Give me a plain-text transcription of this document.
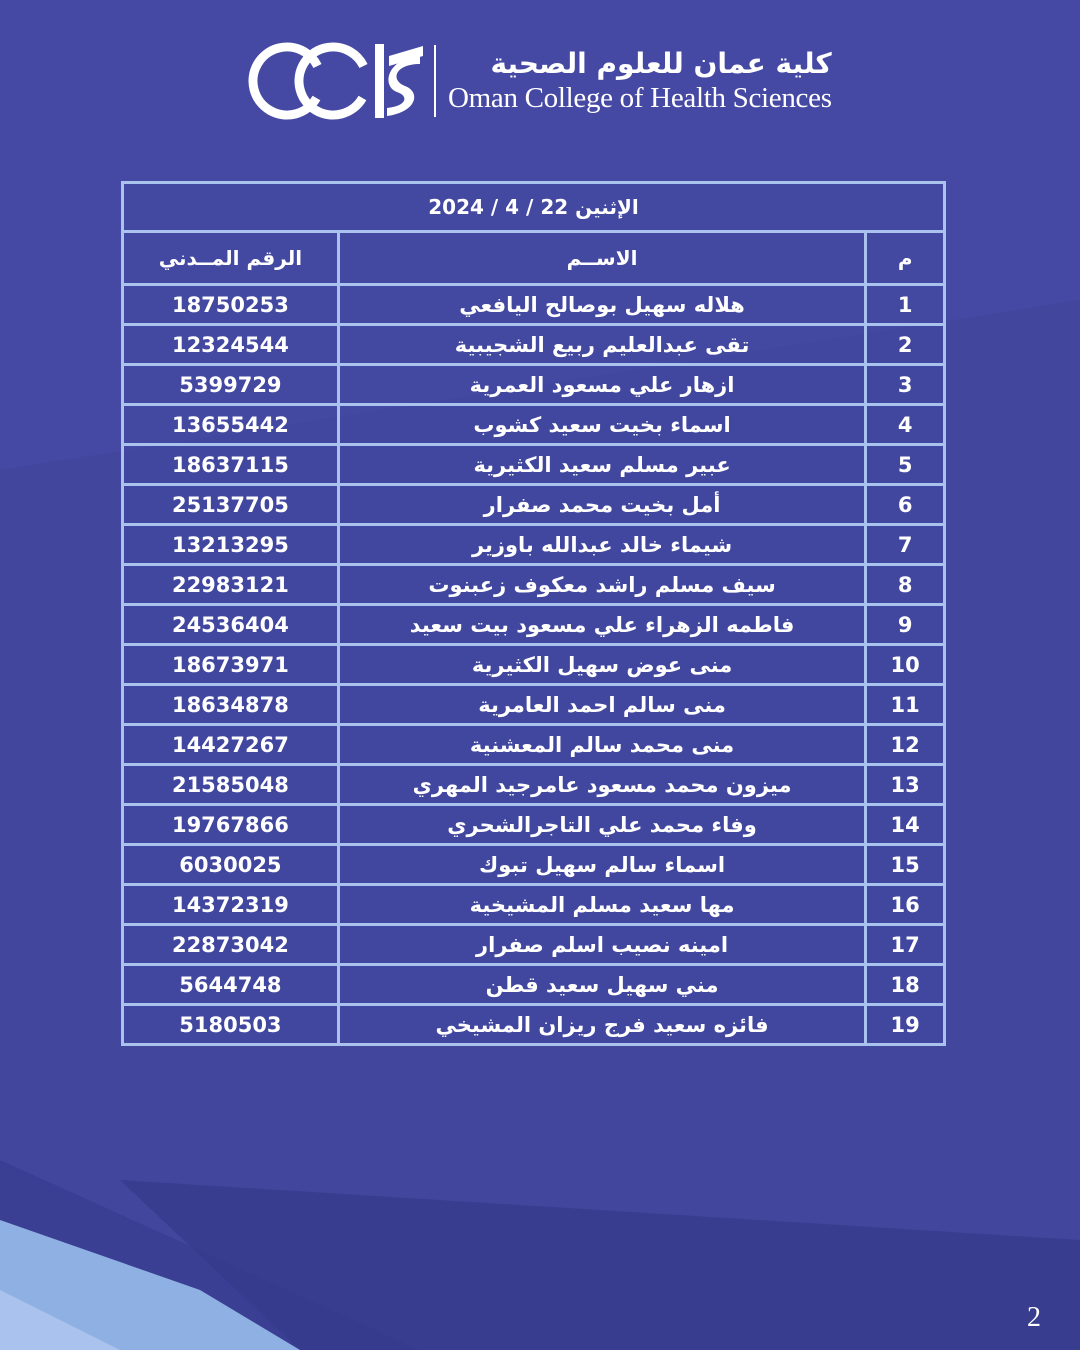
كلية عمان للعلوم الصحية
Oman College of Health Sciences
الإثنين 22 / 4 / 2024		
الرقم المــدني	الاســم	م
18750253	هلاله سهيل بوصالح اليافعي	1
12324544	تقى عبدالعليم ربيع الشجيبية	2
5399729	ازهار علي مسعود العمرية	3
13655442	اسماء بخيت سعيد كشوب	4
18637115	عبير مسلم سعيد الكثيرية	5
25137705	أمل بخيت محمد صفرار	6
13213295	شيماء خالد عبدالله باوزير	7
22983121	سيف مسلم راشد معكوف زعبنوت	8
24536404	فاطمه الزهراء علي مسعود بيت سعيد	9
18673971	منى عوض سهيل الكثيرية	10
18634878	منى سالم احمد العامرية	11
14427267	منى محمد سالم المعشنية	12
21585048	ميزون محمد مسعود عامرجيد المهري	13
19767866	وفاء محمد علي التاجرالشحري	14
6030025	اسماء سالم سهيل تبوك	15
14372319	مها سعيد مسلم المشيخية	16
22873042	امينه نصيب اسلم صفرار	17
5644748	مني سهيل سعيد قطن	18
5180503	فائزه سعيد فرج ريزان المشيخي	19
2
